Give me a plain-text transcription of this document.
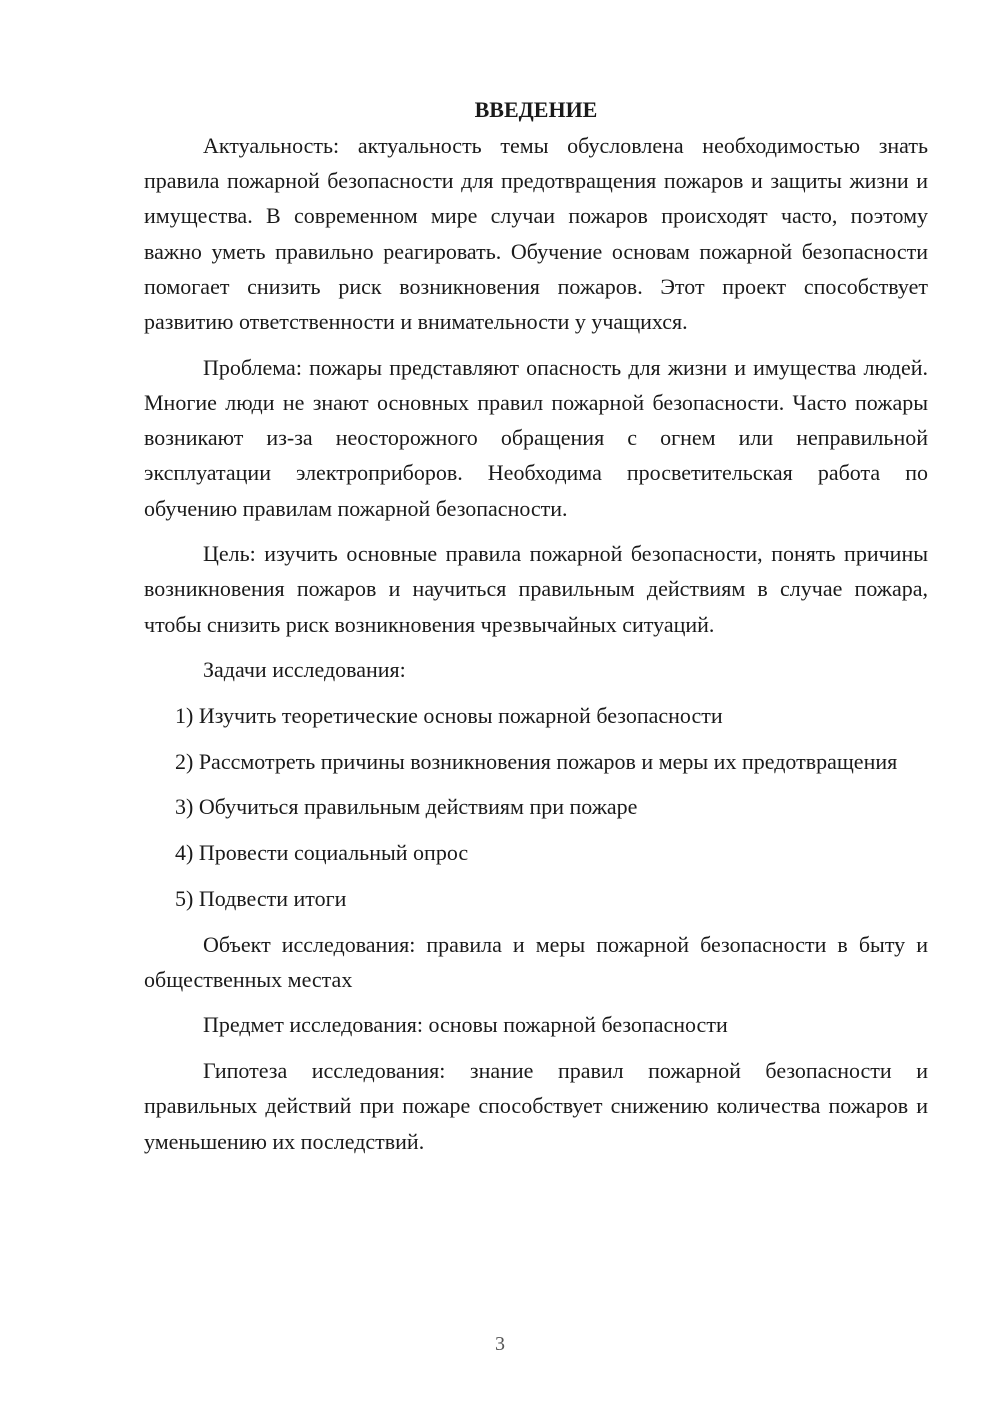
ВВЕДЕНИЕ

Актуальность: актуальность темы обусловлена необходимостью знать правила пожарной безопасности для предотвращения пожаров и защиты жизни и имущества. В современном мире случаи пожаров происходят часто, поэтому важно уметь правильно реагировать. Обучение основам пожарной безопасности помогает снизить риск возникновения пожаров. Этот проект способствует развитию ответственности и внимательности у учащихся.

Проблема: пожары представляют опасность для жизни и имущества людей. Многие люди не знают основных правил пожарной безопасности. Часто пожары возникают из-за неосторожного обращения с огнем или неправильной эксплуатации электроприборов. Необходима просветительская работа по обучению правилам пожарной безопасности.

Цель: изучить основные правила пожарной безопасности, понять причины возникновения пожаров и научиться правильным действиям в случае пожара, чтобы снизить риск возникновения чрезвычайных ситуаций.

Задачи исследования:

1) Изучить теоретические основы пожарной безопасности

2) Рассмотреть причины возникновения пожаров и меры их предотвращения

3) Обучиться правильным действиям при пожаре

4) Провести социальный опрос

5) Подвести итоги

Объект исследования: правила и меры пожарной безопасности в быту и общественных местах

Предмет исследования: основы пожарной безопасности

Гипотеза исследования: знание правил пожарной безопасности и правильных действий при пожаре способствует снижению количества пожаров и уменьшению их последствий.

3
